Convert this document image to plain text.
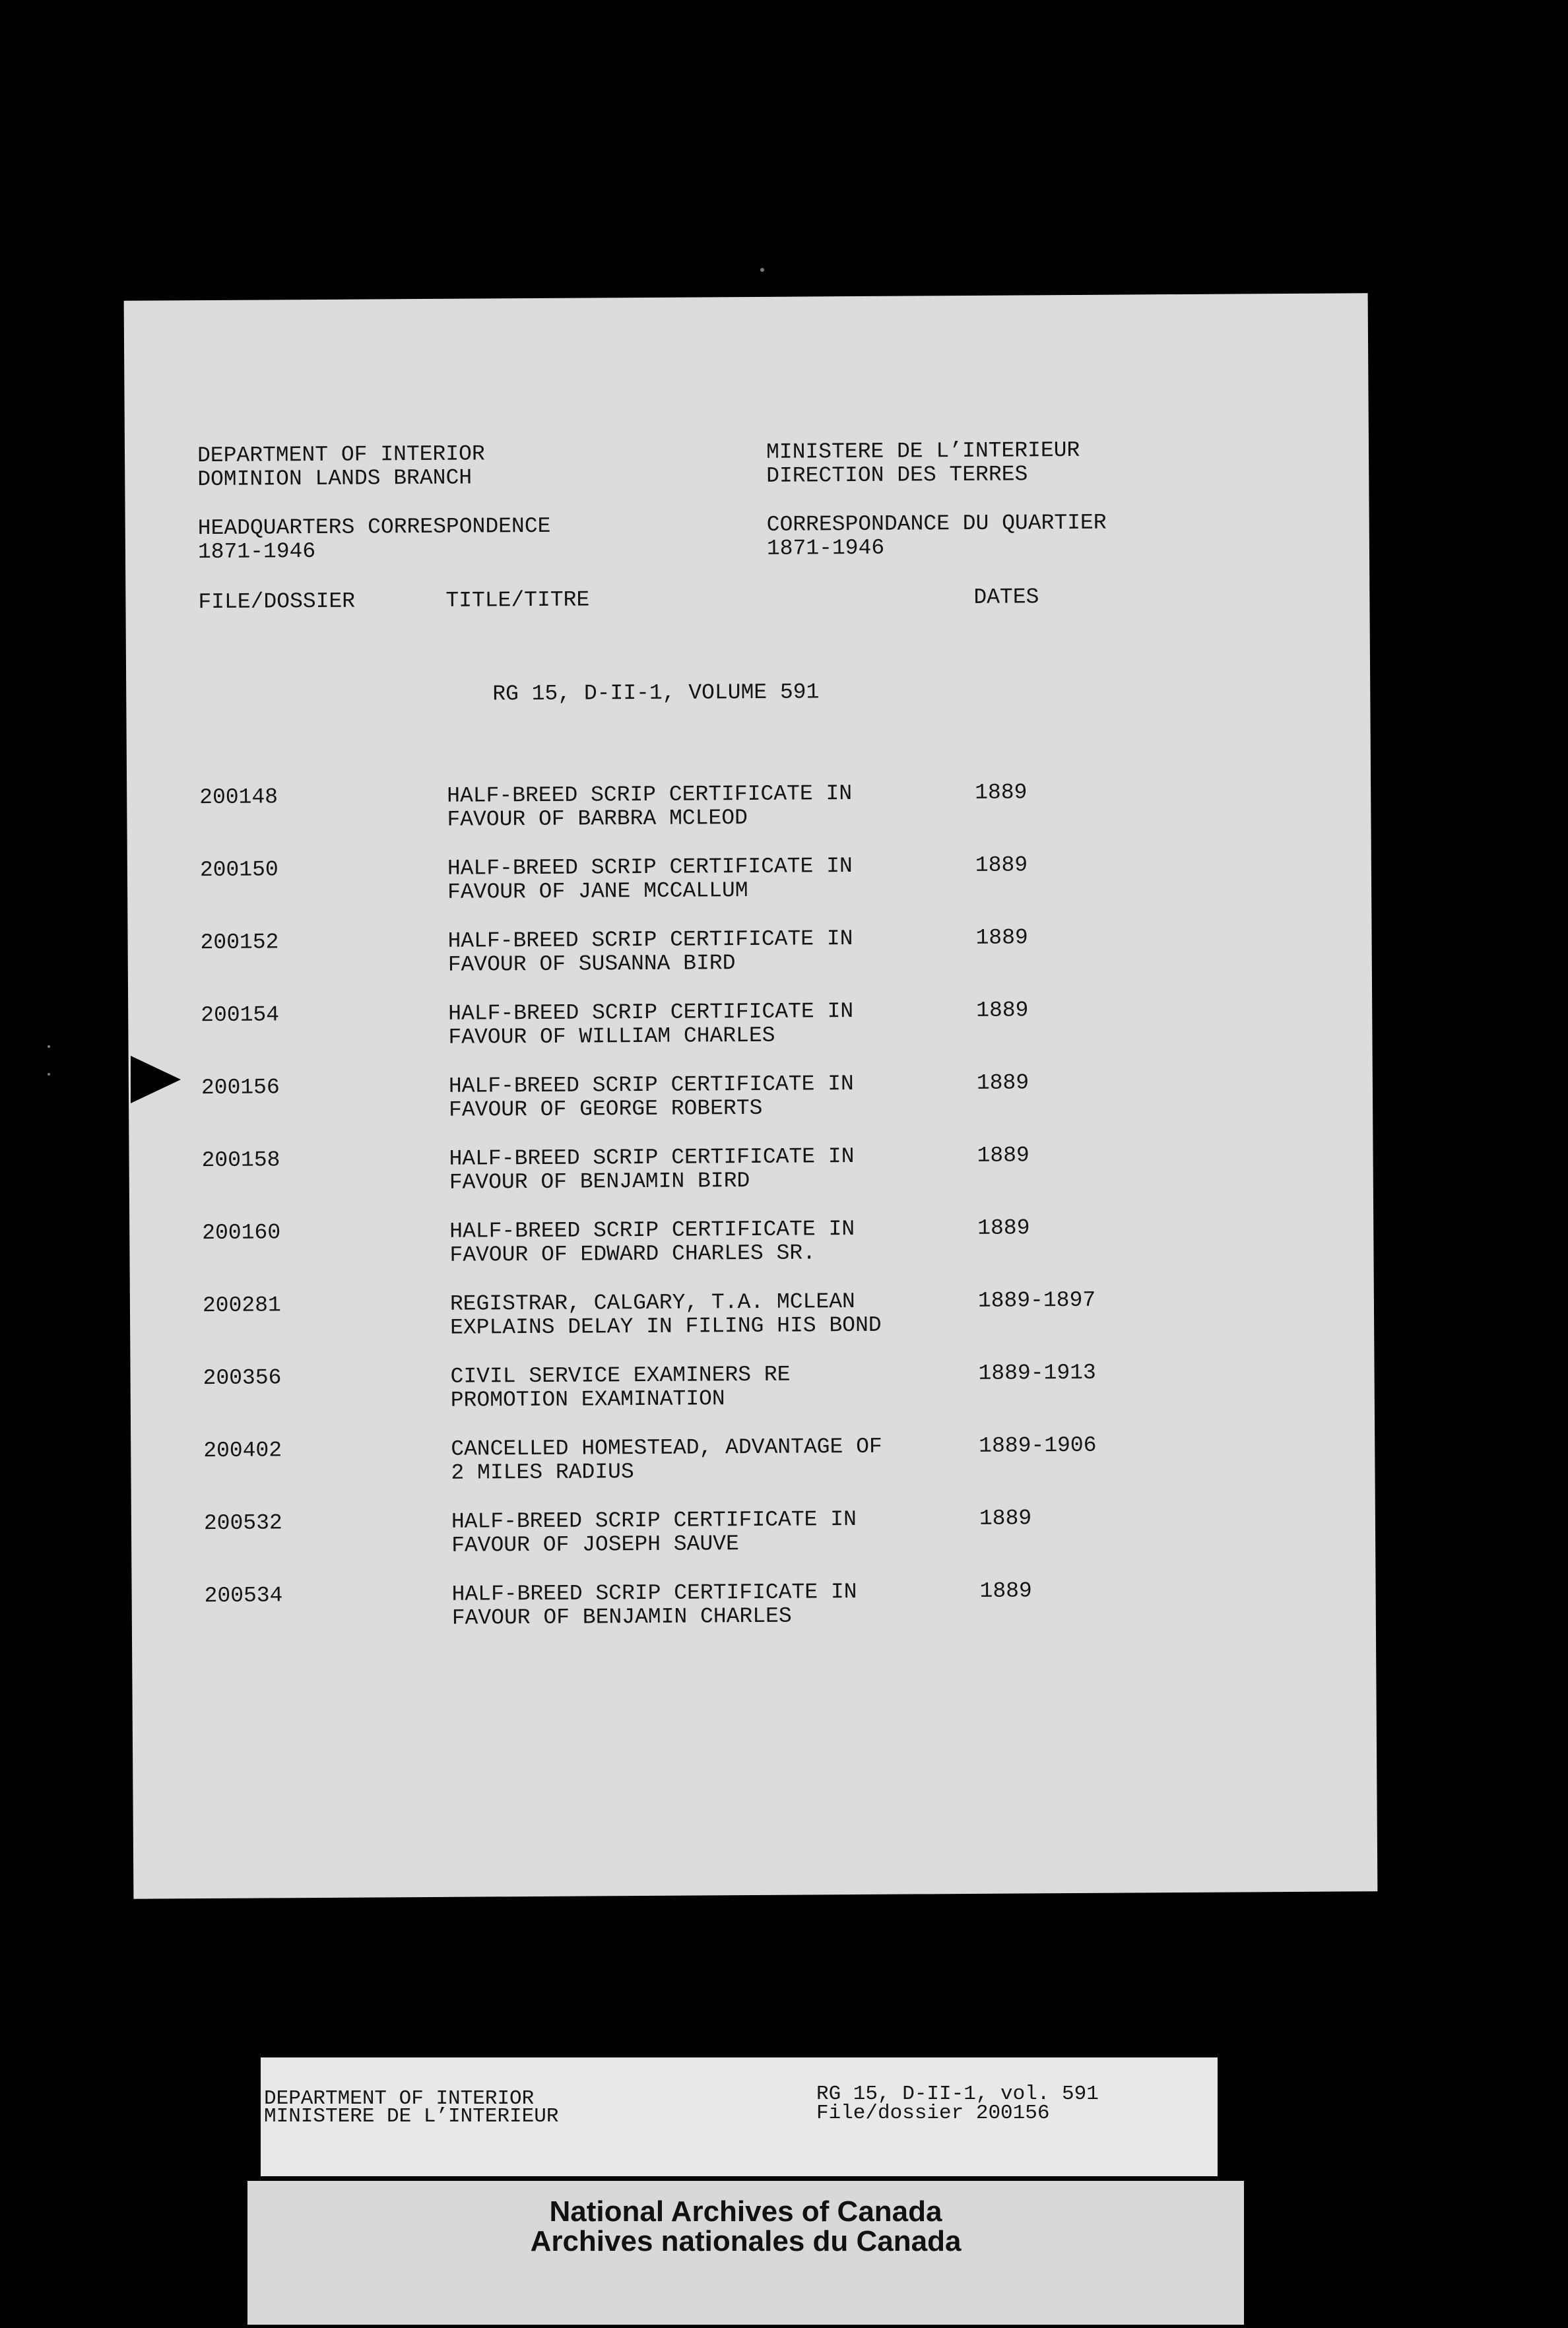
DEPARTMENT OF INTERIOR
DOMINION LANDS BRANCH
MINISTERE DE L’INTERIEUR
DIRECTION DES TERRES
HEADQUARTERS CORRESPONDENCE
1871-1946
CORRESPONDANCE DU QUARTIER
1871-1946
FILE/DOSSIER	TITLE/TITRE	DATES
RG 15, D-II-1, VOLUME 591
200148	HALF-BREED SCRIP CERTIFICATE IN
FAVOUR OF BARBRA MCLEOD
1889
200150	HALF-BREED SCRIP CERTIFICATE IN
FAVOUR OF JANE MCCALLUM
1889
200152	HALF-BREED SCRIP CERTIFICATE IN
FAVOUR OF SUSANNA BIRD
1889
200154	HALF-BREED SCRIP CERTIFICATE IN
FAVOUR OF WILLIAM CHARLES
1889
200156	HALF-BREED SCRIP CERTIFICATE IN
FAVOUR OF GEORGE ROBERTS
1889
200158	HALF-BREED SCRIP CERTIFICATE IN
FAVOUR OF BENJAMIN BIRD
1889
200160	HALF-BREED SCRIP CERTIFICATE IN
FAVOUR OF EDWARD CHARLES SR.
1889
200281	REGISTRAR, CALGARY, T.A. MCLEAN
EXPLAINS DELAY IN FILING HIS BOND
1889-1897
200356	CIVIL SERVICE EXAMINERS RE
PROMOTION EXAMINATION
1889-1913
200402	CANCELLED HOMESTEAD, ADVANTAGE OF
2 MILES RADIUS
1889-1906
200532	HALF-BREED SCRIP CERTIFICATE IN
FAVOUR OF JOSEPH SAUVE
1889
200534	HALF-BREED SCRIP CERTIFICATE IN
FAVOUR OF BENJAMIN CHARLES
1889
DEPARTMENT OF INTERIOR
MINISTERE DE L’INTERIEUR
RG 15, D-II-1, vol. 591
File/dossier 200156
National Archives of Canada
Archives nationales du Canada
